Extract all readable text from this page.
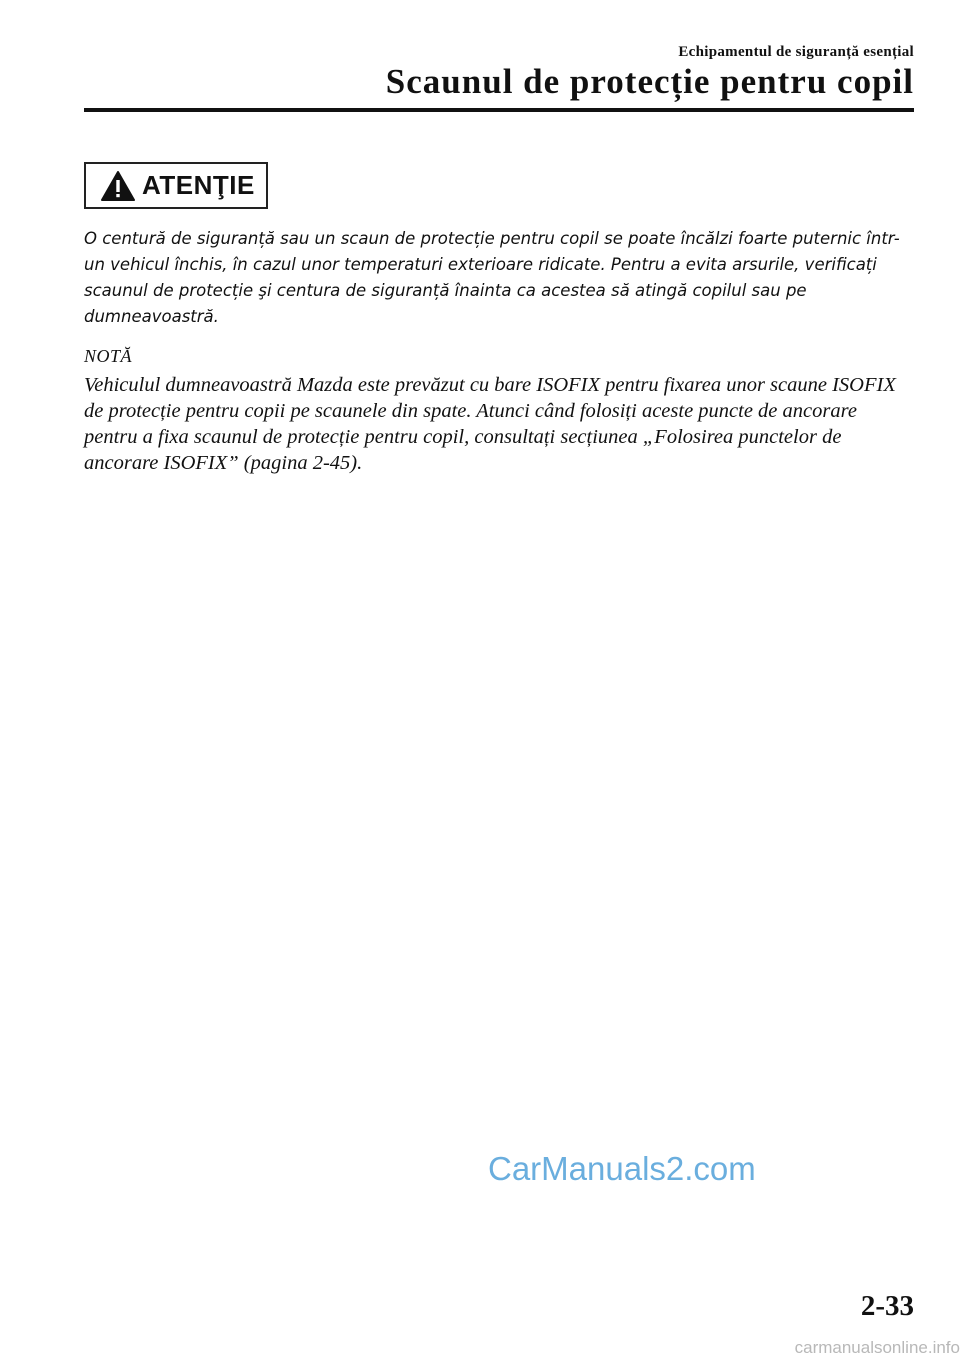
Echipamentul de siguranță esențial
Scaunul de protecție pentru copil
ATENŢIE
O centură de siguranță sau un scaun de protecție pentru copil se poate încălzi foarte puternic într-un vehicul închis, în cazul unor temperaturi exterioare ridicate. Pentru a evita arsurile, verificați scaunul de protecție şi centura de siguranță înainta ca acestea să atingă copilul sau pe dumneavoastră.
NOTĂ
Vehiculul dumneavoastră Mazda este prevăzut cu bare ISOFIX pentru fixarea unor scaune ISOFIX de protecție pentru copii pe scaunele din spate. Atunci când folosiți aceste puncte de ancorare pentru a fixa scaunul de protecție pentru copil, consultați secțiunea „Folosirea punctelor de ancorare ISOFIX” (pagina 2-45).
CarManuals2.com
2-33
carmanualsonline.info
